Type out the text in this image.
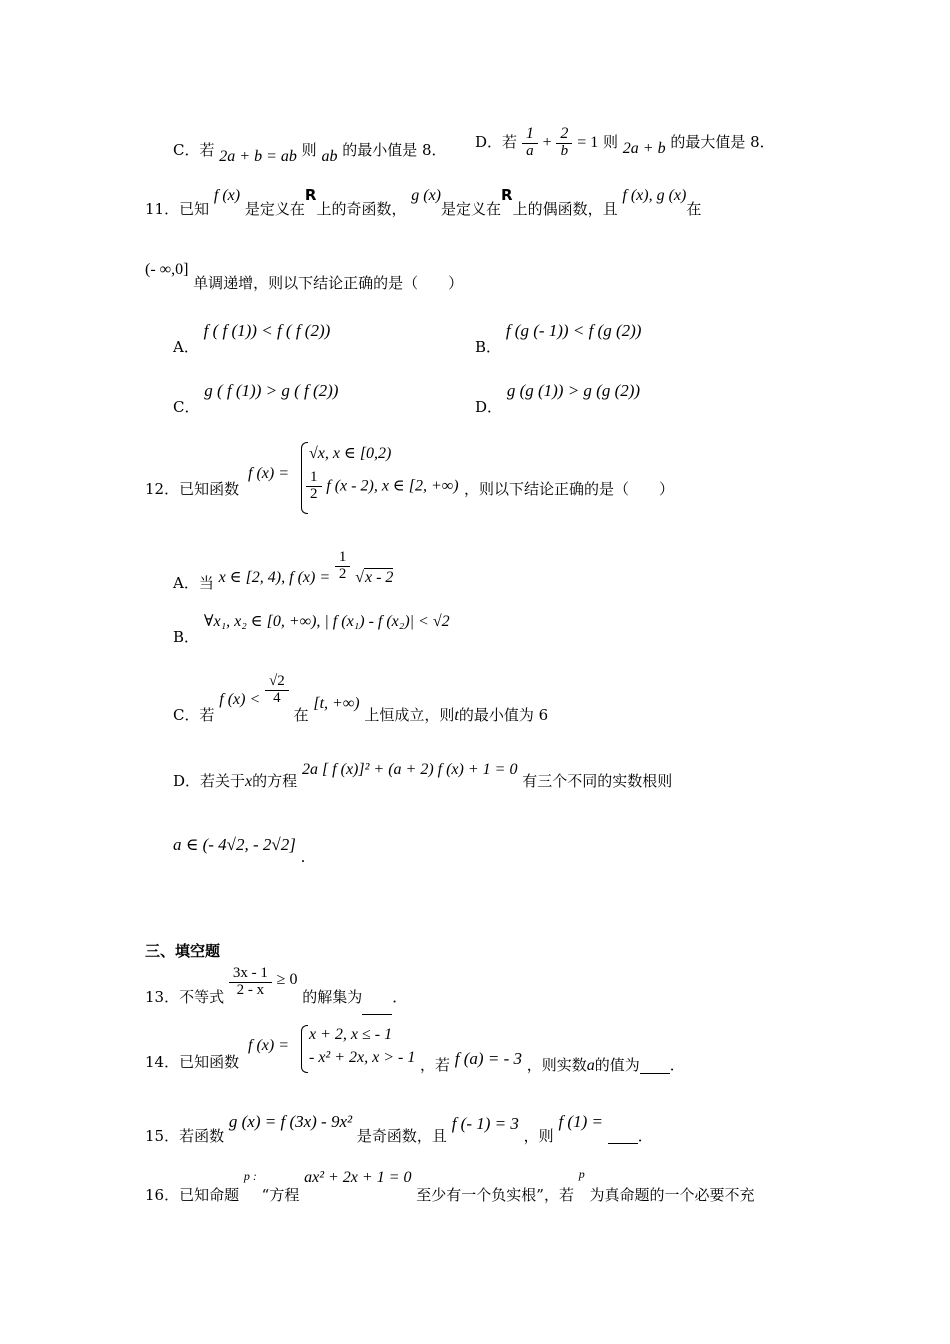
C．若 2a + b = ab 则 ab 的最小值是 8． D．若 $\frac{1}{a} + \frac{2}{b} = 1$ 则 2a + b 的最大值是 8．
11．已知 f (x) 是定义在R上的奇函数， g (x)是定义在R上的偶函数，且 f (x), g (x)在
(- ∞,0] 单调递增，则以下结论正确的是（　　）
A． f ( f (1)) < f ( f (2))
B． f (g (- 1)) < f (g (2))
C． g ( f (1)) > g ( f (2))
D． g (g (1)) > g (g (2))
12．已知函数
f (x) =
√x, x ∈ [0,2)
$\frac{1}{2}$ f (x - 2), x ∈ [2, +∞) ，则以下结论正确的是（　　）
A．当 x ∈ [2, 4), f $(x) = \frac{1}{2} √x - 2$
B． ∀x₁, x₂ ∈ [0, +∞), | f (x₁) - f (x₂)| < √2
C．若 f $(x) < \frac{√2}{4}$
在 [t, +∞) 上恒成立，则t的最小值为 6
D．若关于x的方程 2a [ f (x)]² + (a + 2) f (x) + 1 = 0 有三个不同的实数根则
a ∈ (- 4√2, - 2√2] .
三、填空题
13．不等式 $\frac{3x - 1}{2 - x} \ge 0$ 的解集为 ．
14．已知函数
f (x) =
x + 2, x ≤ - 1
- x² + 2x, x > - 1 ，若 f (a) = - 3 ，则实数a的值为 ．
15．若函数 g (x) = f (3x) - 9x² 是奇函数，且 f (- 1) = 3 ，则 f (1) = ．
16．已知命题 p : “方程 ax² + 2x + 1 = 0 至少有一个负实根”，若 $^p$ 为真命题的一个必要不充
